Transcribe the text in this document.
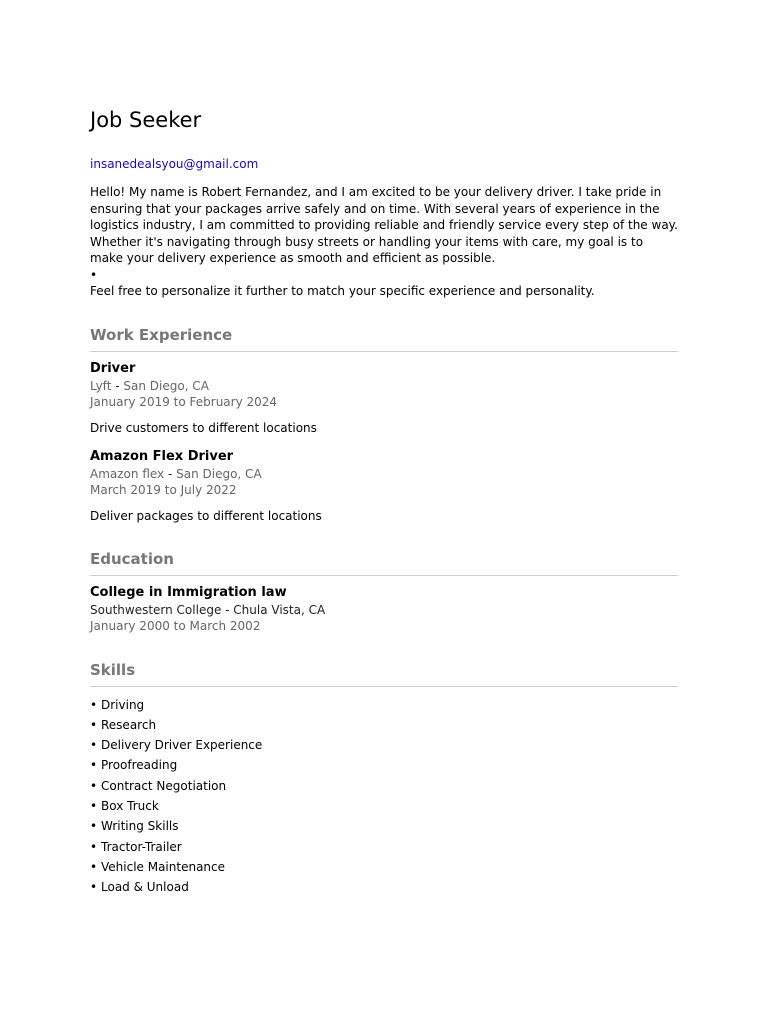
Job Seeker
insanedealsyou@gmail.com

Hello! My name is Robert Fernandez, and I am excited to be your delivery driver. I take pride in ensuring that your packages arrive safely and on time. With several years of experience in the logistics industry, I am committed to providing reliable and friendly service every step of the way. Whether it's navigating through busy streets or handling your items with care, my goal is to make your delivery experience as smooth and efficient as possible.

•

Feel free to personalize it further to match your specific experience and personality.

Work Experience
Driver
Lyft - San Diego, CA
January 2019 to February 2024
Drive customers to different locations
Amazon Flex Driver
Amazon flex - San Diego, CA
March 2019 to July 2022
Deliver packages to different locations
Education
College in Immigration law
Southwestern College - Chula Vista, CA
January 2000 to March 2002
Skills
• Driving
• Research
• Delivery Driver Experience
• Proofreading
• Contract Negotiation
• Box Truck
• Writing Skills
• Tractor-Trailer
• Vehicle Maintenance
• Load & Unload
